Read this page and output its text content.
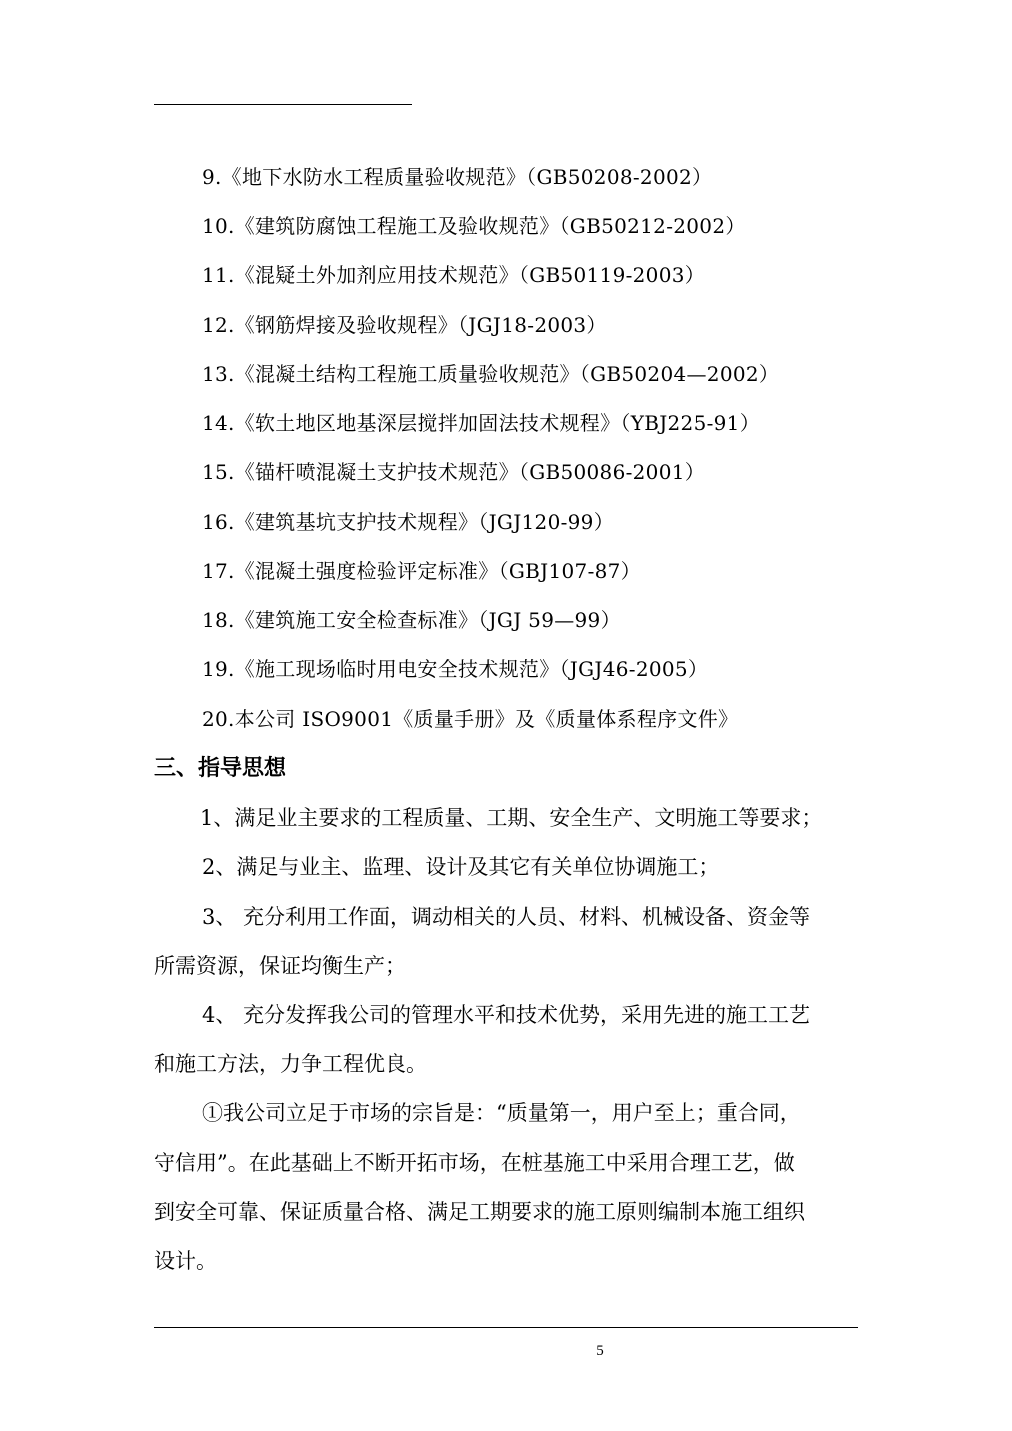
9.《地下水防水工程质量验收规范》（GB50208-2002）
10.《建筑防腐蚀工程施工及验收规范》（GB50212-2002）
11.《混疑土外加剂应用技术规范》（GB50119-2003）
12.《钢筋焊接及验收规程》（JGJ18-2003）
13.《混凝土结构工程施工质量验收规范》（GB50204—2002）
14.《软土地区地基深层搅拌加固法技术规程》（YBJ225-91）
15.《锚杆喷混凝土支护技术规范》（GB50086-2001）
16.《建筑基坑支护技术规程》（JGJ120-99）
17.《混凝土强度检验评定标准》（GBJ107-87）
18.《建筑施工安全检查标准》（JGJ 59—99）
19.《施工现场临时用电安全技术规范》（JGJ46-2005）
20.本公司 ISO9001《质量手册》及《质量体系程序文件》
三、指导思想
1、满足业主要求的工程质量、工期、安全生产、文明施工等要求；
2、满足与业主、监理、设计及其它有关单位协调施工；
3、 充分利用工作面，调动相关的人员、材料、机械设备、资金等
所需资源，保证均衡生产；
4、 充分发挥我公司的管理水平和技术优势，采用先进的施工工艺
和施工方法，力争工程优良。
①我公司立足于市场的宗旨是：“质量第一，用户至上；重合同，
守信用”。在此基础上不断开拓市场，在桩基施工中采用合理工艺，做
到安全可靠、保证质量合格、满足工期要求的施工原则编制本施工组织
设计。
5
